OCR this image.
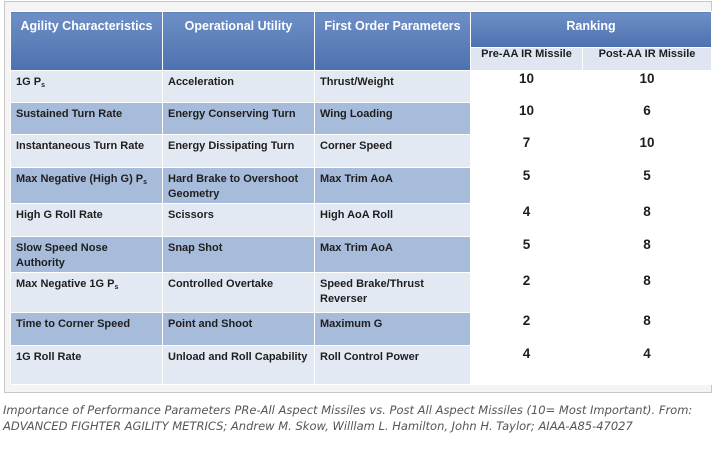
Agility Characteristics	Operational Utility	First Order Parameters	Ranking	
			Pre-AA IR Missile	Post-AA IR Missile
1G $P_s$	Acceleration	Thrust/Weight	10	10
Sustained Turn Rate	Energy Conserving Turn	Wing Loading	10	6
Instantaneous Turn Rate	Energy Dissipating Turn	Corner Speed	7	10
Max Negative (High G) $P_s$	Hard Brake to Overshoot Geometry	Max Trim AoA	5	5
High G Roll Rate	Scissors	High AoA Roll	4	8
Slow Speed Nose Authority	Snap Shot	Max Trim AoA	5	8
Max Negative 1G $P_s$	Controlled Overtake	Speed Brake/Thrust Reverser	2	8
Time to Corner Speed	Point and Shoot	Maximum G	2	8
1G Roll Rate	Unload and Roll Capability	Roll Control Power	4	4
Importance of Performance Parameters PRe-All Aspect Missiles vs. Post All Aspect Missiles (10= Most Important). From: ADVANCED FIGHTER AGILITY METRICS; Andrew M. Skow, Willlam L. Hamilton, John H. Taylor; AIAA-A85-47027
